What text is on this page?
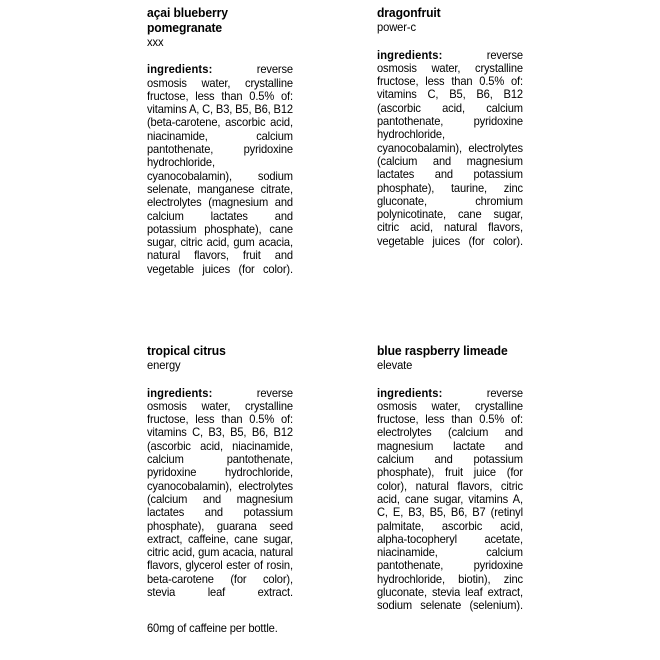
açai blueberry pomegranate
xxx
ingredients: reverse osmosis water, crystalline fructose, less than 0.5% of: vitamins A, C, B3, B5, B6, B12 (beta-carotene, ascorbic acid, niacinamide, calcium pantothenate, pyridoxine hydrochloride, cyanocobalamin), sodium selenate, manganese citrate, electrolytes (magnesium and calcium lactates and potassium phosphate), cane sugar, citric acid, gum acacia, natural flavors, fruit and vegetable juices (for color).
dragonfruit
power-c
ingredients: reverse osmosis water, crystalline fructose, less than 0.5% of: vitamins C, B5, B6, B12 (ascorbic acid, calcium pantothenate, pyridoxine hydrochloride, cyanocobalamin), electrolytes (calcium and magnesium lactates and potassium phosphate), taurine, zinc gluconate, chromium polynicotinate, cane sugar, citric acid, natural flavors, vegetable juices (for color).
tropical citrus
energy
ingredients: reverse osmosis water, crystalline fructose, less than 0.5% of: vitamins C, B3, B5, B6, B12 (ascorbic acid, niacinamide, calcium pantothenate, pyridoxine hydrochloride, cyanocobalamin), electrolytes (calcium and magnesium lactates and potassium phosphate), guarana seed extract, caffeine, cane sugar, citric acid, gum acacia, natural flavors, glycerol ester of rosin, beta-carotene (for color), stevia leaf extract.
60mg of caffeine per bottle.
blue raspberry limeade
elevate
ingredients: reverse osmosis water, crystalline fructose, less than 0.5% of: electrolytes (calcium and magnesium lactate and calcium and potassium phosphate), fruit juice (for color), natural flavors, citric acid, cane sugar, vitamins A, C, E, B3, B5, B6, B7 (retinyl palmitate, ascorbic acid, alpha-tocopheryl acetate, niacinamide, calcium pantothenate, pyridoxine hydrochloride, biotin), zinc gluconate, stevia leaf extract, sodium selenate (selenium).
